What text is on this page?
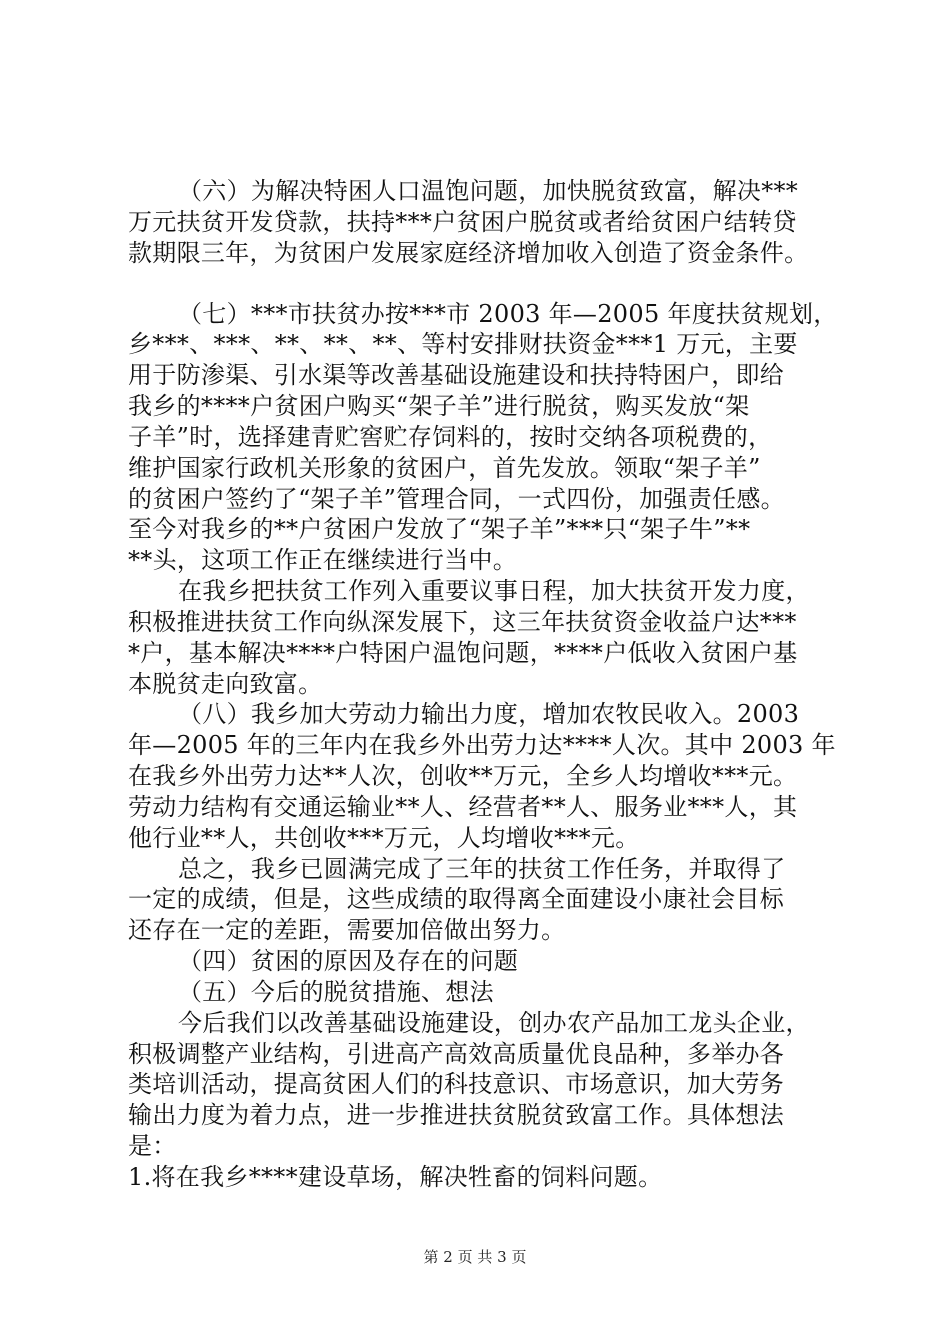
（六）为解决特困人口温饱问题，加快脱贫致富，解决***
万元扶贫开发贷款，扶持***户贫困户脱贫或者给贫困户结转贷
款期限三年，为贫困户发展家庭经济增加收入创造了资金条件。
（七）***市扶贫办按***市 2003 年—2005 年度扶贫规划，
乡***、***、**、**、**、等村安排财扶资金***1 万元，主要
用于防渗渠、引水渠等改善基础设施建设和扶持特困户，即给
我乡的****户贫困户购买“架子羊”进行脱贫，购买发放“架
子羊”时，选择建青贮窖贮存饲料的，按时交纳各项税费的，
维护国家行政机关形象的贫困户，首先发放。领取“架子羊”
的贫困户签约了“架子羊”管理合同，一式四份，加强责任感。
至今对我乡的**户贫困户发放了“架子羊”***只“架子牛”**
**头，这项工作正在继续进行当中。
在我乡把扶贫工作列入重要议事日程，加大扶贫开发力度，
积极推进扶贫工作向纵深发展下，这三年扶贫资金收益户达***
*户，基本解决****户特困户温饱问题，****户低收入贫困户基
本脱贫走向致富。
（八）我乡加大劳动力输出力度，增加农牧民收入。2003
年—2005 年的三年内在我乡外出劳力达****人次。其中 2003 年
在我乡外出劳力达**人次，创收**万元，全乡人均增收***元。
劳动力结构有交通运输业**人、经营者**人、服务业***人，其
他行业**人，共创收***万元，人均增收***元。
总之，我乡已圆满完成了三年的扶贫工作任务，并取得了
一定的成绩，但是，这些成绩的取得离全面建设小康社会目标
还存在一定的差距，需要加倍做出努力。
（四）贫困的原因及存在的问题
（五）今后的脱贫措施、想法
今后我们以改善基础设施建设，创办农产品加工龙头企业，
积极调整产业结构，引进高产高效高质量优良品种，多举办各
类培训活动，提高贫困人们的科技意识、市场意识，加大劳务
输出力度为着力点，进一步推进扶贫脱贫致富工作。具体想法
是：
1.将在我乡****建设草场，解决牲畜的饲料问题。
第 2 页 共 3 页
